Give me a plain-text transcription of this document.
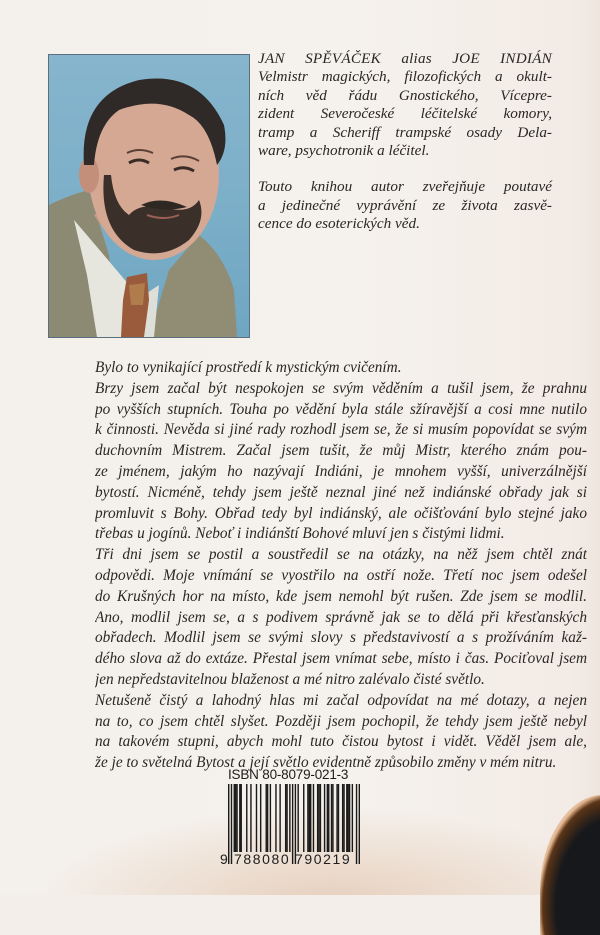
JAN SPĚVÁČEK alias JOE INDIÁN
Velmistr magických, filozofických a okult-
ních věd řádu Gnostického, Vícepre-
zident Severočeské léčitelské komory,
tramp a Scheriff trampské osady Dela-
ware, psychotronik a léčitel.

Touto knihou autor zveřejňuje poutavé
a jedinečné vyprávění ze života zasvě-
cence do esoterických věd.

Bylo to vynikající prostředí k mystickým cvičením.
Brzy jsem začal být nespokojen se svým věděním a tušil jsem, že prahnu
po vyšších stupních. Touha po vědění byla stále sžíravější a cosi mne nutilo
k činnosti. Nevěda si jiné rady rozhodl jsem se, že si musím popovídat se svým
duchovním Mistrem. Začal jsem tušit, že můj Mistr, kterého znám pou-
ze jménem, jakým ho nazývají Indiáni, je mnohem vyšší, univerzálnější
bytostí. Nicméně, tehdy jsem ještě neznal jiné než indiánské obřady jak si
promluvit s Bohy. Obřad tedy byl indiánský, ale očišťování bylo stejné jako
třebas u jogínů. Neboť i indiánští Bohové mluví jen s čistými lidmi.
Tři dni jsem se postil a soustředil se na otázky, na něž jsem chtěl znát
odpovědi. Moje vnímání se vyostřilo na ostří nože. Třetí noc jsem odešel
do Krušných hor na místo, kde jsem nemohl být rušen. Zde jsem se modlil.
Ano, modlil jsem se, a s podivem správně jak se to dělá při křesťanských
obřadech. Modlil jsem se svými slovy s představivostí a s prožíváním kaž-
dého slova až do extáze. Přestal jsem vnímat sebe, místo i čas. Pociťoval jsem
jen nepředstavitelnou blaženost a mé nitro zalévalo čisté světlo.
Netušeně čistý a lahodný hlas mi začal odpovídat na mé dotazy, a nejen
na to, co jsem chtěl slyšet. Později jsem pochopil, že tehdy jsem ještě nebyl
na takovém stupni, abych mohl tuto čistou bytost i vidět. Věděl jsem ale,
že je to světelná Bytost a její světlo evidentně způsobilo změny v mém nitru.
ISBN 80-8079-021-3
9 788080 790219
